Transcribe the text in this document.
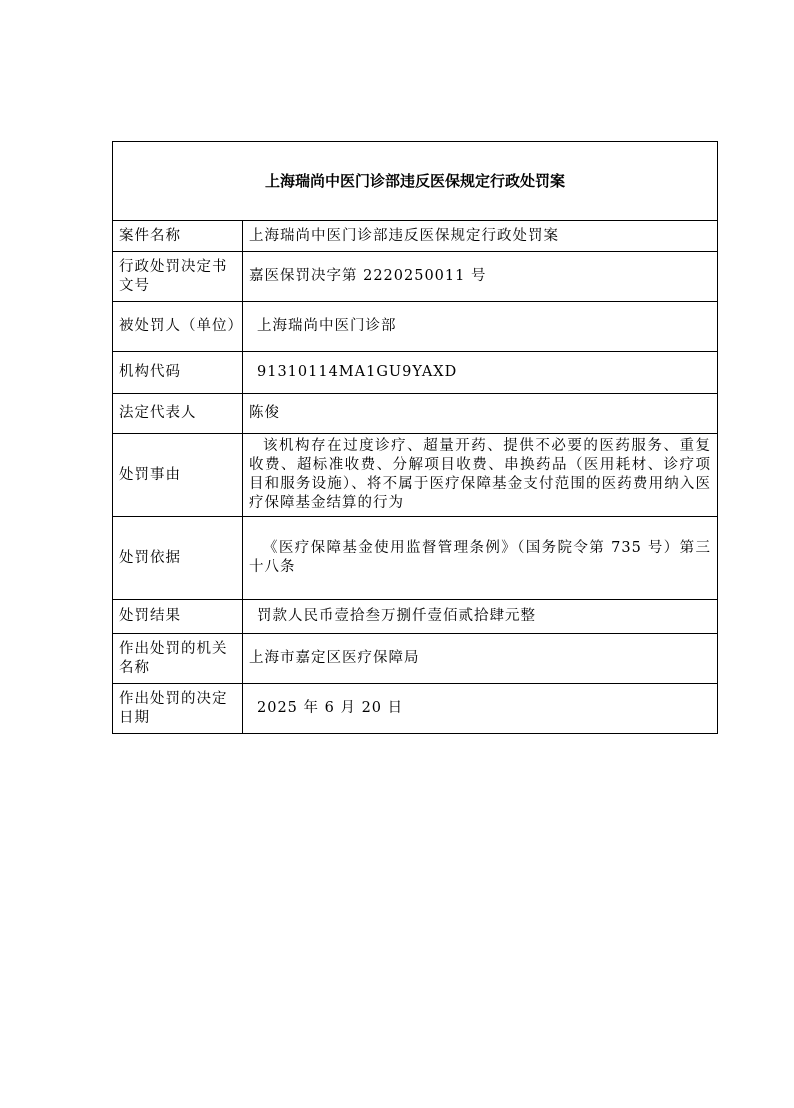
上海瑞尚中医门诊部违反医保规定行政处罚案	
案件名称	上海瑞尚中医门诊部违反医保规定行政处罚案
行政处罚决定书文号	嘉医保罚决字第 2220250011 号
被处罚人（单位）	上海瑞尚中医门诊部
机构代码	91310114MA1GU9YAXD
法定代表人	陈俊
处罚事由	该机构存在过度诊疗、超量开药、提供不必要的医药服务、重复收费、超标准收费、分解项目收费、串换药品（医用耗材、诊疗项目和服务设施）、将不属于医疗保障基金支付范围的医药费用纳入医疗保障基金结算的行为
处罚依据	《医疗保障基金使用监督管理条例》（国务院令第 735 号）第三十八条
处罚结果	罚款人民币壹拾叁万捌仟壹佰贰拾肆元整
作出处罚的机关名称	上海市嘉定区医疗保障局
作出处罚的决定日期	2025 年 6 月 20 日
